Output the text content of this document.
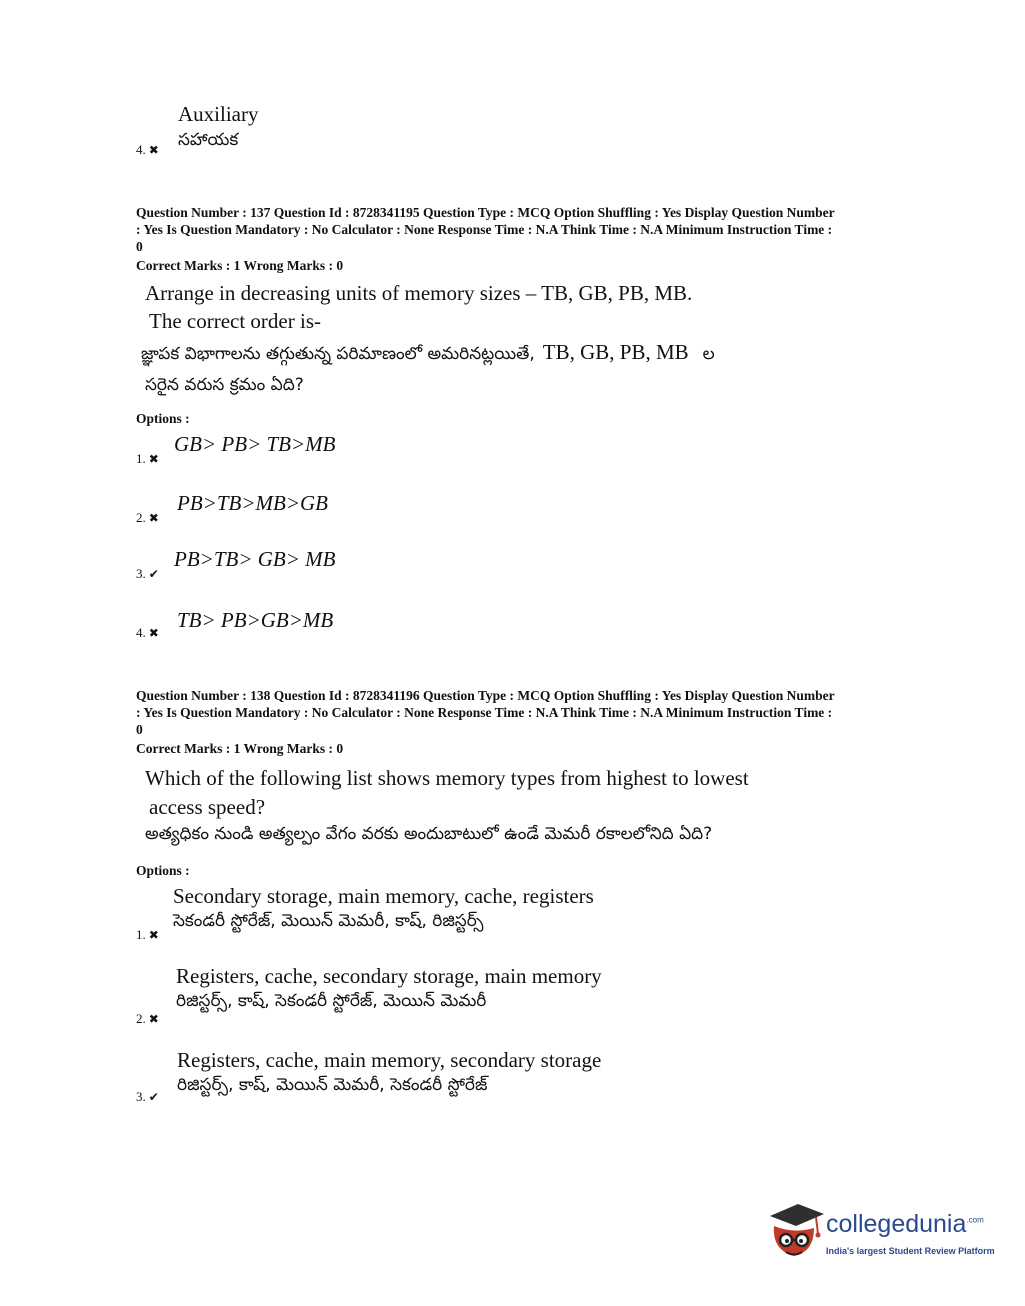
Auxiliary
సహాయక
4. ✖
Question Number : 137 Question Id : 8728341195 Question Type : MCQ Option Shuffling : Yes Display Question Number
: Yes Is Question Mandatory : No Calculator : None Response Time : N.A Think Time : N.A Minimum Instruction Time :
0
Correct Marks : 1 Wrong Marks : 0
Arrange in decreasing units of memory sizes – TB, GB, PB, MB.
The correct order is-
జ్ఞాపక విభాగాలను తగ్గుతున్న పరిమాణంలో అమరినట్లయితే, TB, GB, PB, MB ల
సరైన వరుస క్రమం ఏది?
Options :
1. ✖
GB> PB> TB>MB
2. ✖
PB>TB>MB>GB
3. ✔
PB>TB> GB> MB
4. ✖
TB> PB>GB>MB
Question Number : 138 Question Id : 8728341196 Question Type : MCQ Option Shuffling : Yes Display Question Number
: Yes Is Question Mandatory : No Calculator : None Response Time : N.A Think Time : N.A Minimum Instruction Time :
0
Correct Marks : 1 Wrong Marks : 0
Which of the following list shows memory types from highest to lowest
access speed?
అత్యధికం నుండి అత్యల్పం వేగం వరకు అందుబాటులో ఉండే మెమరీ రకాలలోనిది ఏది?
Options :
Secondary storage, main memory, cache, registers
సెకండరీ స్టోరేజ్, మెయిన్ మెమరీ, కాష్, రిజిస్టర్స్
1. ✖
Registers, cache, secondary storage, main memory
రిజిస్టర్స్, కాష్, సెకండరీ స్టోరేజ్, మెయిన్ మెమరీ
2. ✖
Registers, cache, main memory, secondary storage
రిజిస్టర్స్, కాష్, మెయిన్ మెమరీ, సెకండరీ స్టోరేజ్
3. ✔
collegedunia$^{.com}$
India's largest Student Review Platform
